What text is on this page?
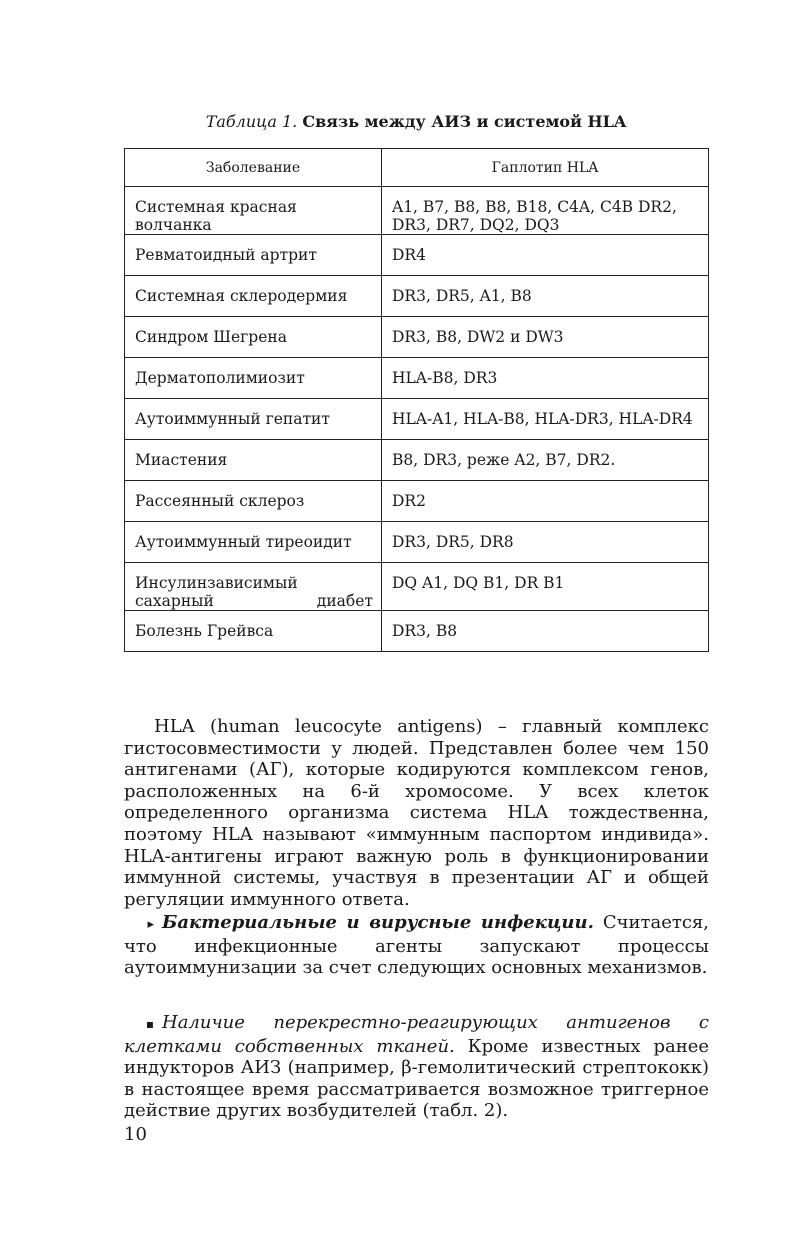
Таблица 1. Связь между АИЗ и системой HLA
Заболевание	Гаплотип HLA
Системная красная волчанка	A1, B7, B8, B8, B18, C4A, C4B DR2, DR3, DR7, DQ2, DQ3
Ревматоидный артрит	DR4
Системная склеродермия	DR3, DR5, A1, B8
Синдром Шегрена	DR3, B8, DW2 и DW3
Дерматополимиозит	HLA-B8, DR3
Аутоиммунный гепатит	HLA-A1, HLA-B8, HLA-DR3, HLA-DR4
Миастения	B8, DR3, реже A2, B7, DR2.
Рассеянный склероз	DR2
Аутоиммунный тиреоидит	DR3, DR5, DR8
Инсулинзависимый сахарный диабет	DQ A1, DQ B1, DR B1
Болезнь Грейвса	DR3, B8

HLA (human leucocyte antigens) – главный комплекс гистосовместимости у людей. Представлен более чем 150 антигенами (АГ), которые кодируются комплексом генов, расположенных на 6-й хромосоме. У всех клеток определенного организма система HLA тождественна, поэтому HLA называют «иммунным паспортом индивида». HLA-антигены играют важную роль в функционировании иммунной системы, участвуя в презентации АГ и общей регуляции иммунного ответа.

▸ Бактериальные и вирусные инфекции. Считается, что инфекционные агенты запускают процессы аутоиммунизации за счет следующих основных механизмов.

▪ Наличие перекрестно-реагирующих антигенов с клетками собственных тканей. Кроме известных ранее индукторов АИЗ (например, β-гемолитический стрептококк) в настоящее время рассматривается возможное триггерное действие других возбудителей (табл. 2).

10
